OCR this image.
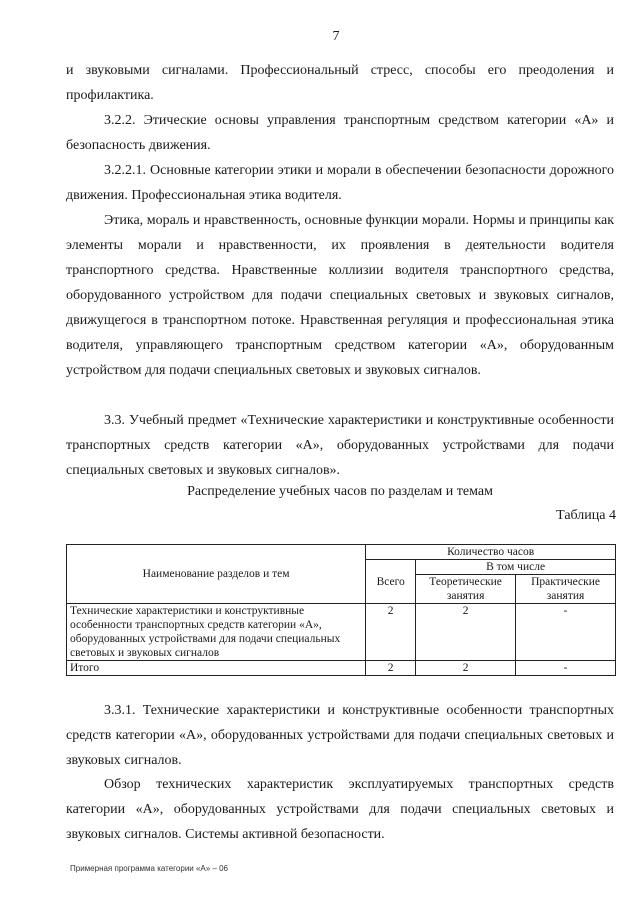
7

и звуковыми сигналами. Профессиональный стресс, способы его преодоления и профилактика.

3.2.2. Этические основы управления транспортным средством категории «А» и безопасность движения.

3.2.2.1. Основные категории этики и морали в обеспечении безопасности дорожного движения. Профессиональная этика водителя.

Этика, мораль и нравственность, основные функции морали. Нормы и принципы как элементы морали и нравственности, их проявления в деятельности водителя транспортного средства. Нравственные коллизии водителя транспортного средства, оборудованного устройством для подачи специальных световых и звуковых сигналов, движущегося в транспортном потоке. Нравственная регуляция и профессиональная этика водителя, управляющего транспортным средством категории «А», оборудованным устройством для подачи специальных световых и звуковых сигналов.

3.3. Учебный предмет «Технические характеристики и конструктивные особенности транспортных средств категории «А», оборудованных устройствами для подачи специальных световых и звуковых сигналов».

Распределение учебных часов по разделам и темам

Таблица 4

Наименование разделов и тем	Количество часов		
	Всего	В том числе	
		Теоретические занятия	Практические занятия
Технические характеристики и конструктивные особенности транспортных средств категории «А», оборудованных устройствами для подачи специальных световых и звуковых сигналов	2	2	-
Итого	2	2	-

3.3.1. Технические характеристики и конструктивные особенности транспортных средств категории «А», оборудованных устройствами для подачи специальных световых и звуковых сигналов.

Обзор технических характеристик эксплуатируемых транспортных средств категории «А», оборудованных устройствами для подачи специальных световых и звуковых сигналов. Системы активной безопасности.

Примерная программа категории «А» – 06
